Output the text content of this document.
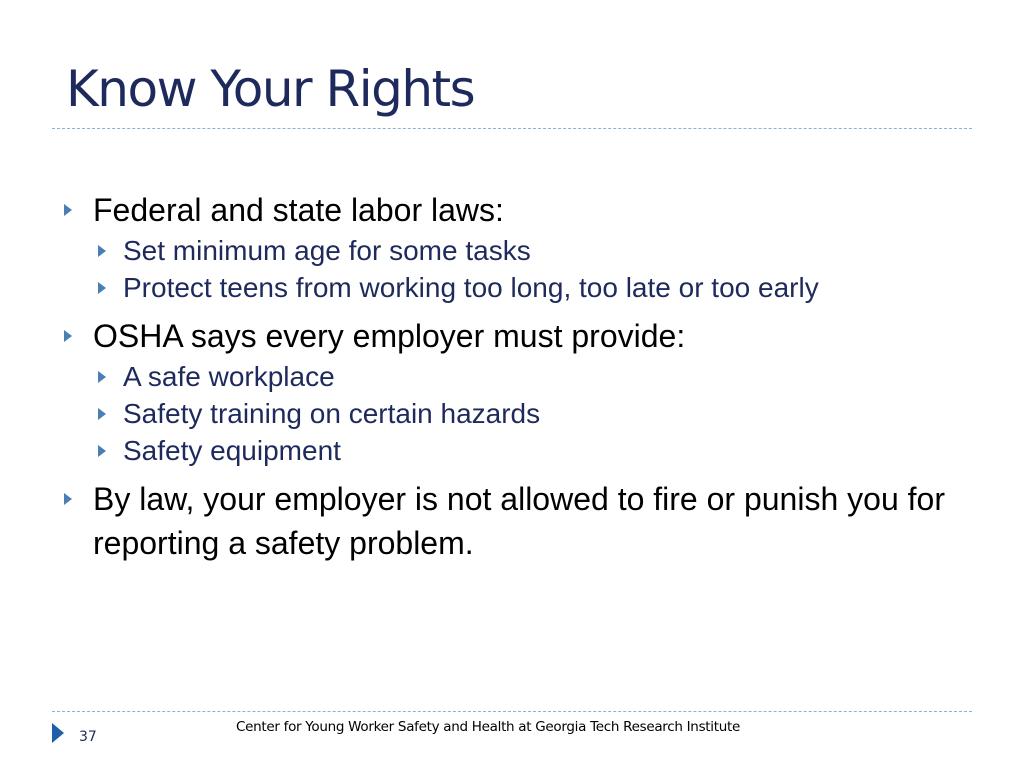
Know Your Rights
Federal and state labor laws:
Set minimum age for some tasks
Protect teens from working too long, too late or too early
OSHA says every employer must provide:
A safe workplace
Safety training on certain hazards
Safety equipment
By law, your employer is not allowed to fire or punish you for reporting a safety problem.
37
Center for Young Worker Safety and Health at Georgia Tech Research Institute
